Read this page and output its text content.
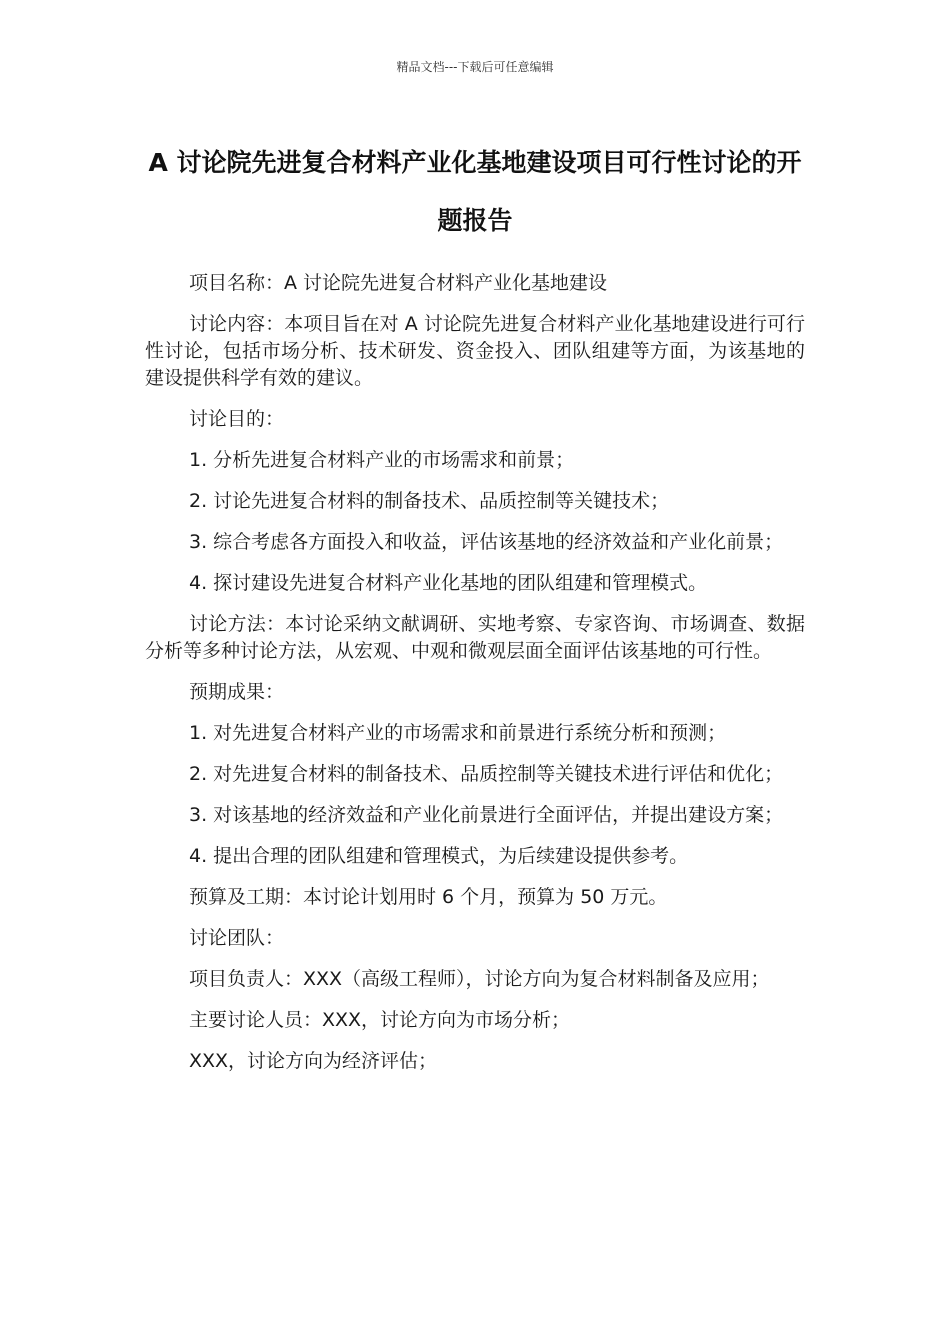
精品文档---下载后可任意编辑
A 讨论院先进复合材料产业化基地建设项目可行性讨论的开题报告

项目名称：A 讨论院先进复合材料产业化基地建设

讨论内容：本项目旨在对 A 讨论院先进复合材料产业化基地建设进行可行性讨论，包括市场分析、技术研发、资金投入、团队组建等方面，为该基地的建设提供科学有效的建议。

讨论目的：

1. 分析先进复合材料产业的市场需求和前景；

2. 讨论先进复合材料的制备技术、品质控制等关键技术；

3. 综合考虑各方面投入和收益，评估该基地的经济效益和产业化前景；

4. 探讨建设先进复合材料产业化基地的团队组建和管理模式。

讨论方法：本讨论采纳文献调研、实地考察、专家咨询、市场调查、数据分析等多种讨论方法，从宏观、中观和微观层面全面评估该基地的可行性。

预期成果：

1. 对先进复合材料产业的市场需求和前景进行系统分析和预测；

2. 对先进复合材料的制备技术、品质控制等关键技术进行评估和优化；

3. 对该基地的经济效益和产业化前景进行全面评估，并提出建设方案；

4. 提出合理的团队组建和管理模式，为后续建设提供参考。

预算及工期：本讨论计划用时 6 个月，预算为 50 万元。

讨论团队：

项目负责人：XXX（高级工程师），讨论方向为复合材料制备及应用；

主要讨论人员：XXX，讨论方向为市场分析；

XXX，讨论方向为经济评估；
